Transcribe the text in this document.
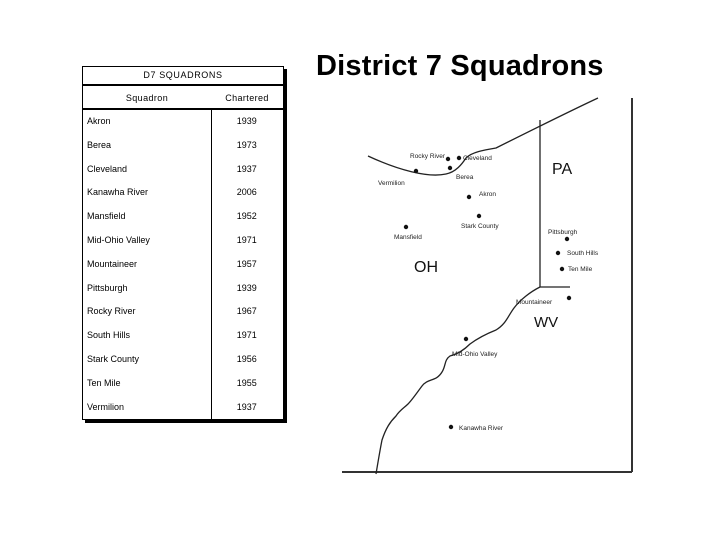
District 7 Squadrons
D7 SQUADRONS
Squadron	Chartered
Akron	1939
Berea	1973
Cleveland	1937
Kanawha River	2006
Mansfield	1952
Mid-Ohio Valley	1971
Mountaineer	1957
Pittsburgh	1939
Rocky River	1967
South Hills	1971
Stark County	1956
Ten Mile	1955
Vermilion	1937
PA
OH
WV
Rocky River	Cleveland
Berea
Vermilion
Akron
Stark County
Mansfield
Pittsburgh
South Hills
Ten Mile
Mountaineer
Mid-Ohio Valley
Kanawha River
